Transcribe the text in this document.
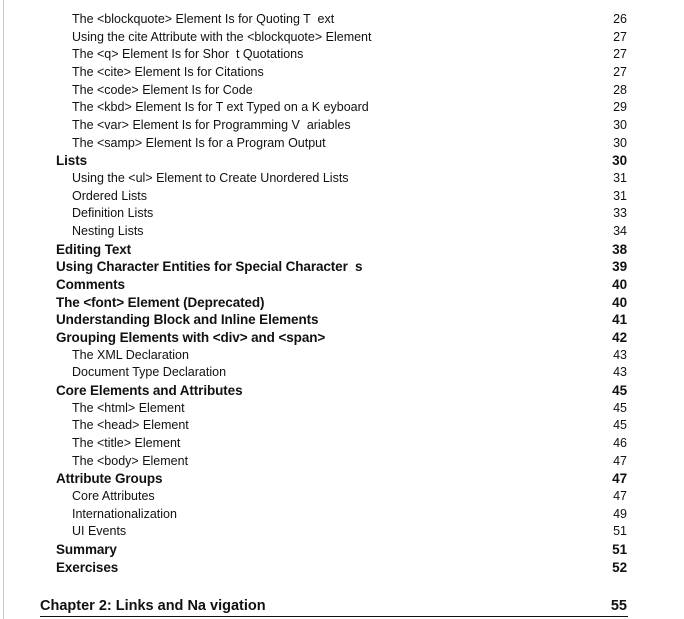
The <blockquote> Element Is for Quoting T  ext	26
Using the cite Attribute with the <blockquote> Element	27
The <q> Element Is for Shor  t Quotations	27
The <cite> Element Is for Citations	27
The <code> Element Is for Code	28
The <kbd> Element Is for T ext Typed on a K eyboard	29
The <var> Element Is for Programming V  ariables	30
The <samp> Element Is for a Program Output	30
Lists	30
Using the <ul> Element to Create Unordered Lists	31
Ordered Lists	31
Definition Lists	33
Nesting Lists	34
Editing Text	38
Using Character Entities for Special Character  s	39
Comments	40
The <font> Element (Deprecated)	40
Understanding Block and Inline Elements	41
Grouping Elements with <div> and <span>	42
The XML Declaration	43
Document Type Declaration	43
Core Elements and Attributes	45
The <html> Element	45
The <head> Element	45
The <title> Element	46
The <body> Element	47
Attribute Groups	47
Core Attributes	47
Internationalization	49
UI Events	51
Summary	51
Exercises	52
Chapter 2: Links and Na vigation	55
